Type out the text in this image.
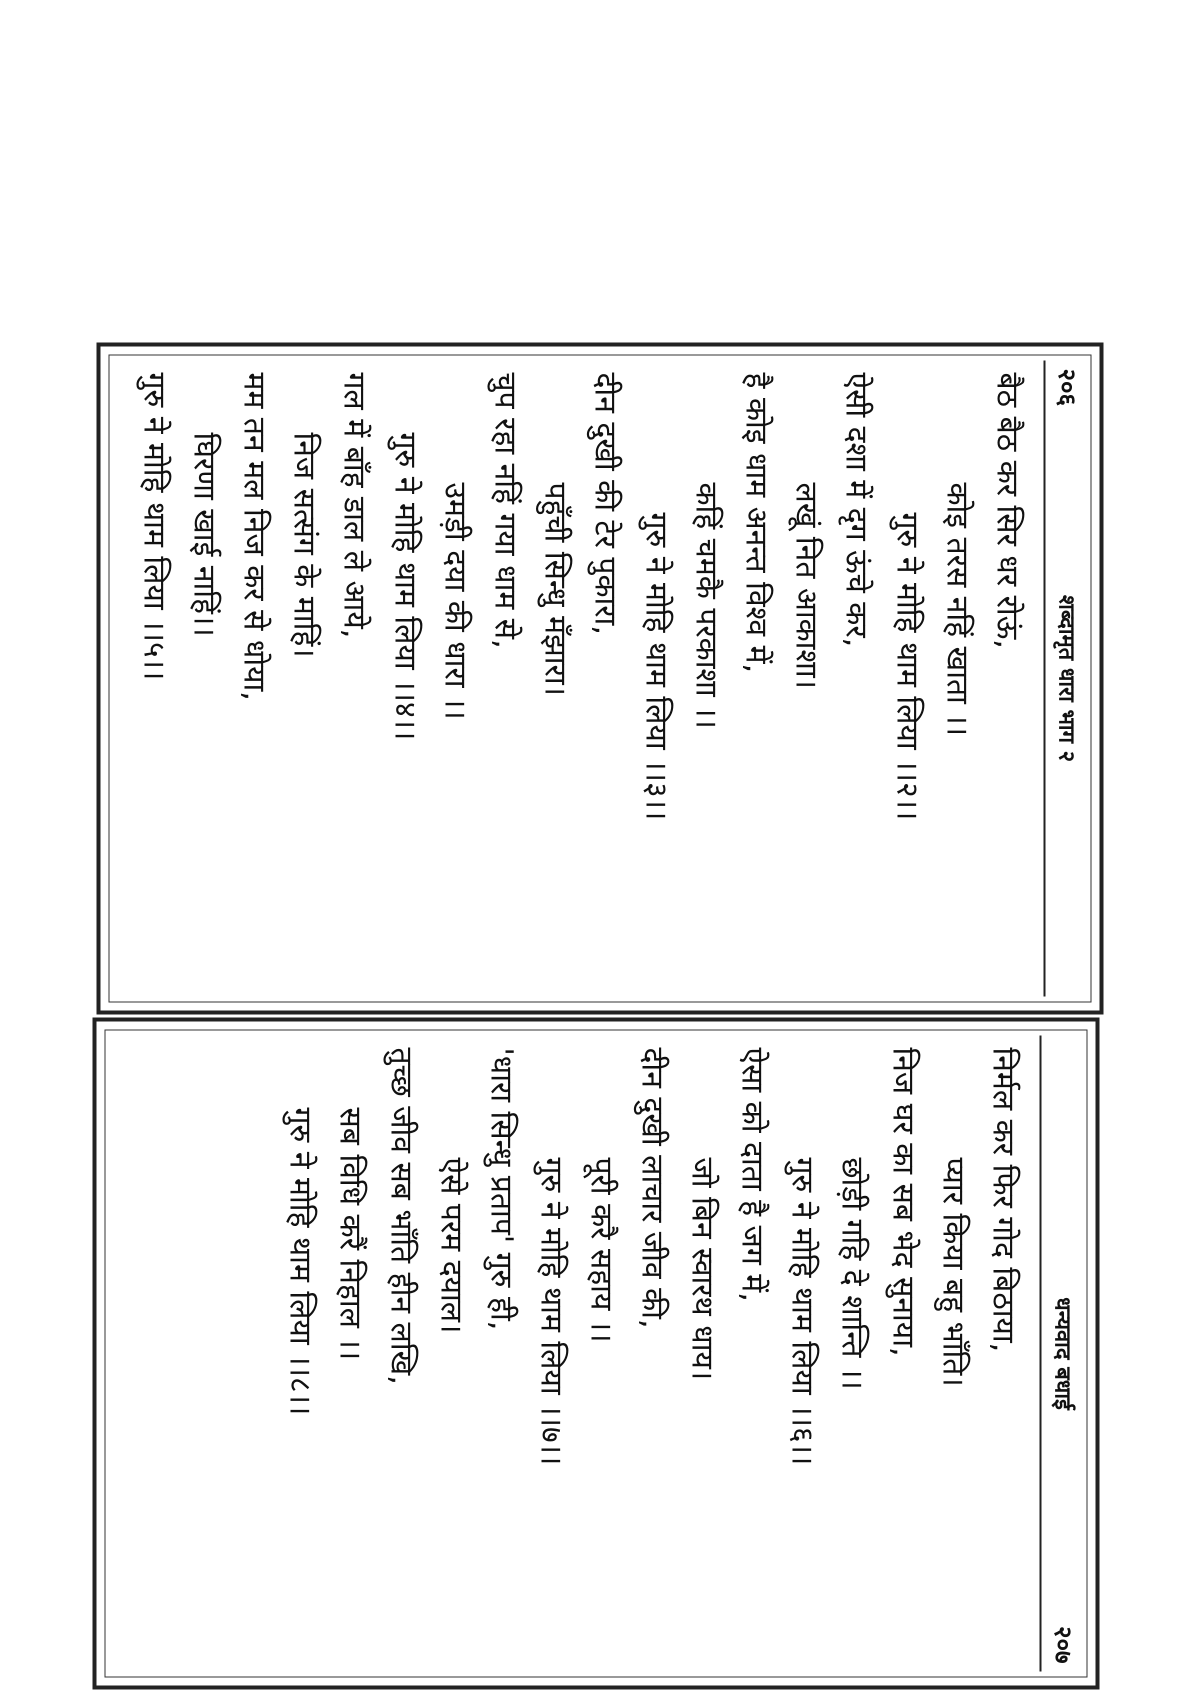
२०६
शब्दामृत धारा भाग २

बैठ बैठ कर सिर धर रोऊं,

कोइ तरस नहिं खाता ।।

गुरु ने मोहि थाम लिया ।।२।।

ऐसी दशा में दृग ऊंचे कर,

लखूं नित आकाशा।

है कोइ धाम अनन्त विश्व में,

कहिं चमकै परकाशा ।।

गुरु ने मोहि थाम लिया ।।३।।

दीन दुखी की टेर पुकारा,

पहुँची सिन्धु मँझारा।

चुप रहा नहिं गया धाम से,

उमड़ी दया की धारा ।।

गुरु ने मोहि थाम लिया ।।४।।

गल में बाँह डाल ले आये,

निज सत्संग के माहिं।

मम तन मल निज कर से धोया,

घिरणा खाई नाहिं।।

गुरु ने मोहि थाम लिया ।।५।।

धन्यवाद बधाई
२०७

निर्मल कर फिर गोद बिठाया,

प्यार किया बहु भाँति।

निज घर का सब भेद सुनाया,

छोड़ी गहि दे शान्ति ।।

गुरु ने मोहि थाम लिया ।।६।।

ऐसा को दाता है जग में,

जो बिन स्वारथ धाय।

दीन दुखी लाचार जीव की,

पूरी करै सहाय ।।

गुरु ने मोहि थाम लिया ।।७।।

'धारा सिन्धु प्रताप' गुरु ही,

ऐसे परम दयाल।

तुच्छ जीव सब भाँति हीन लखि,

सब विधि करैं निहाल ।।

गुरु ने मोहि थाम लिया ।।८।।
